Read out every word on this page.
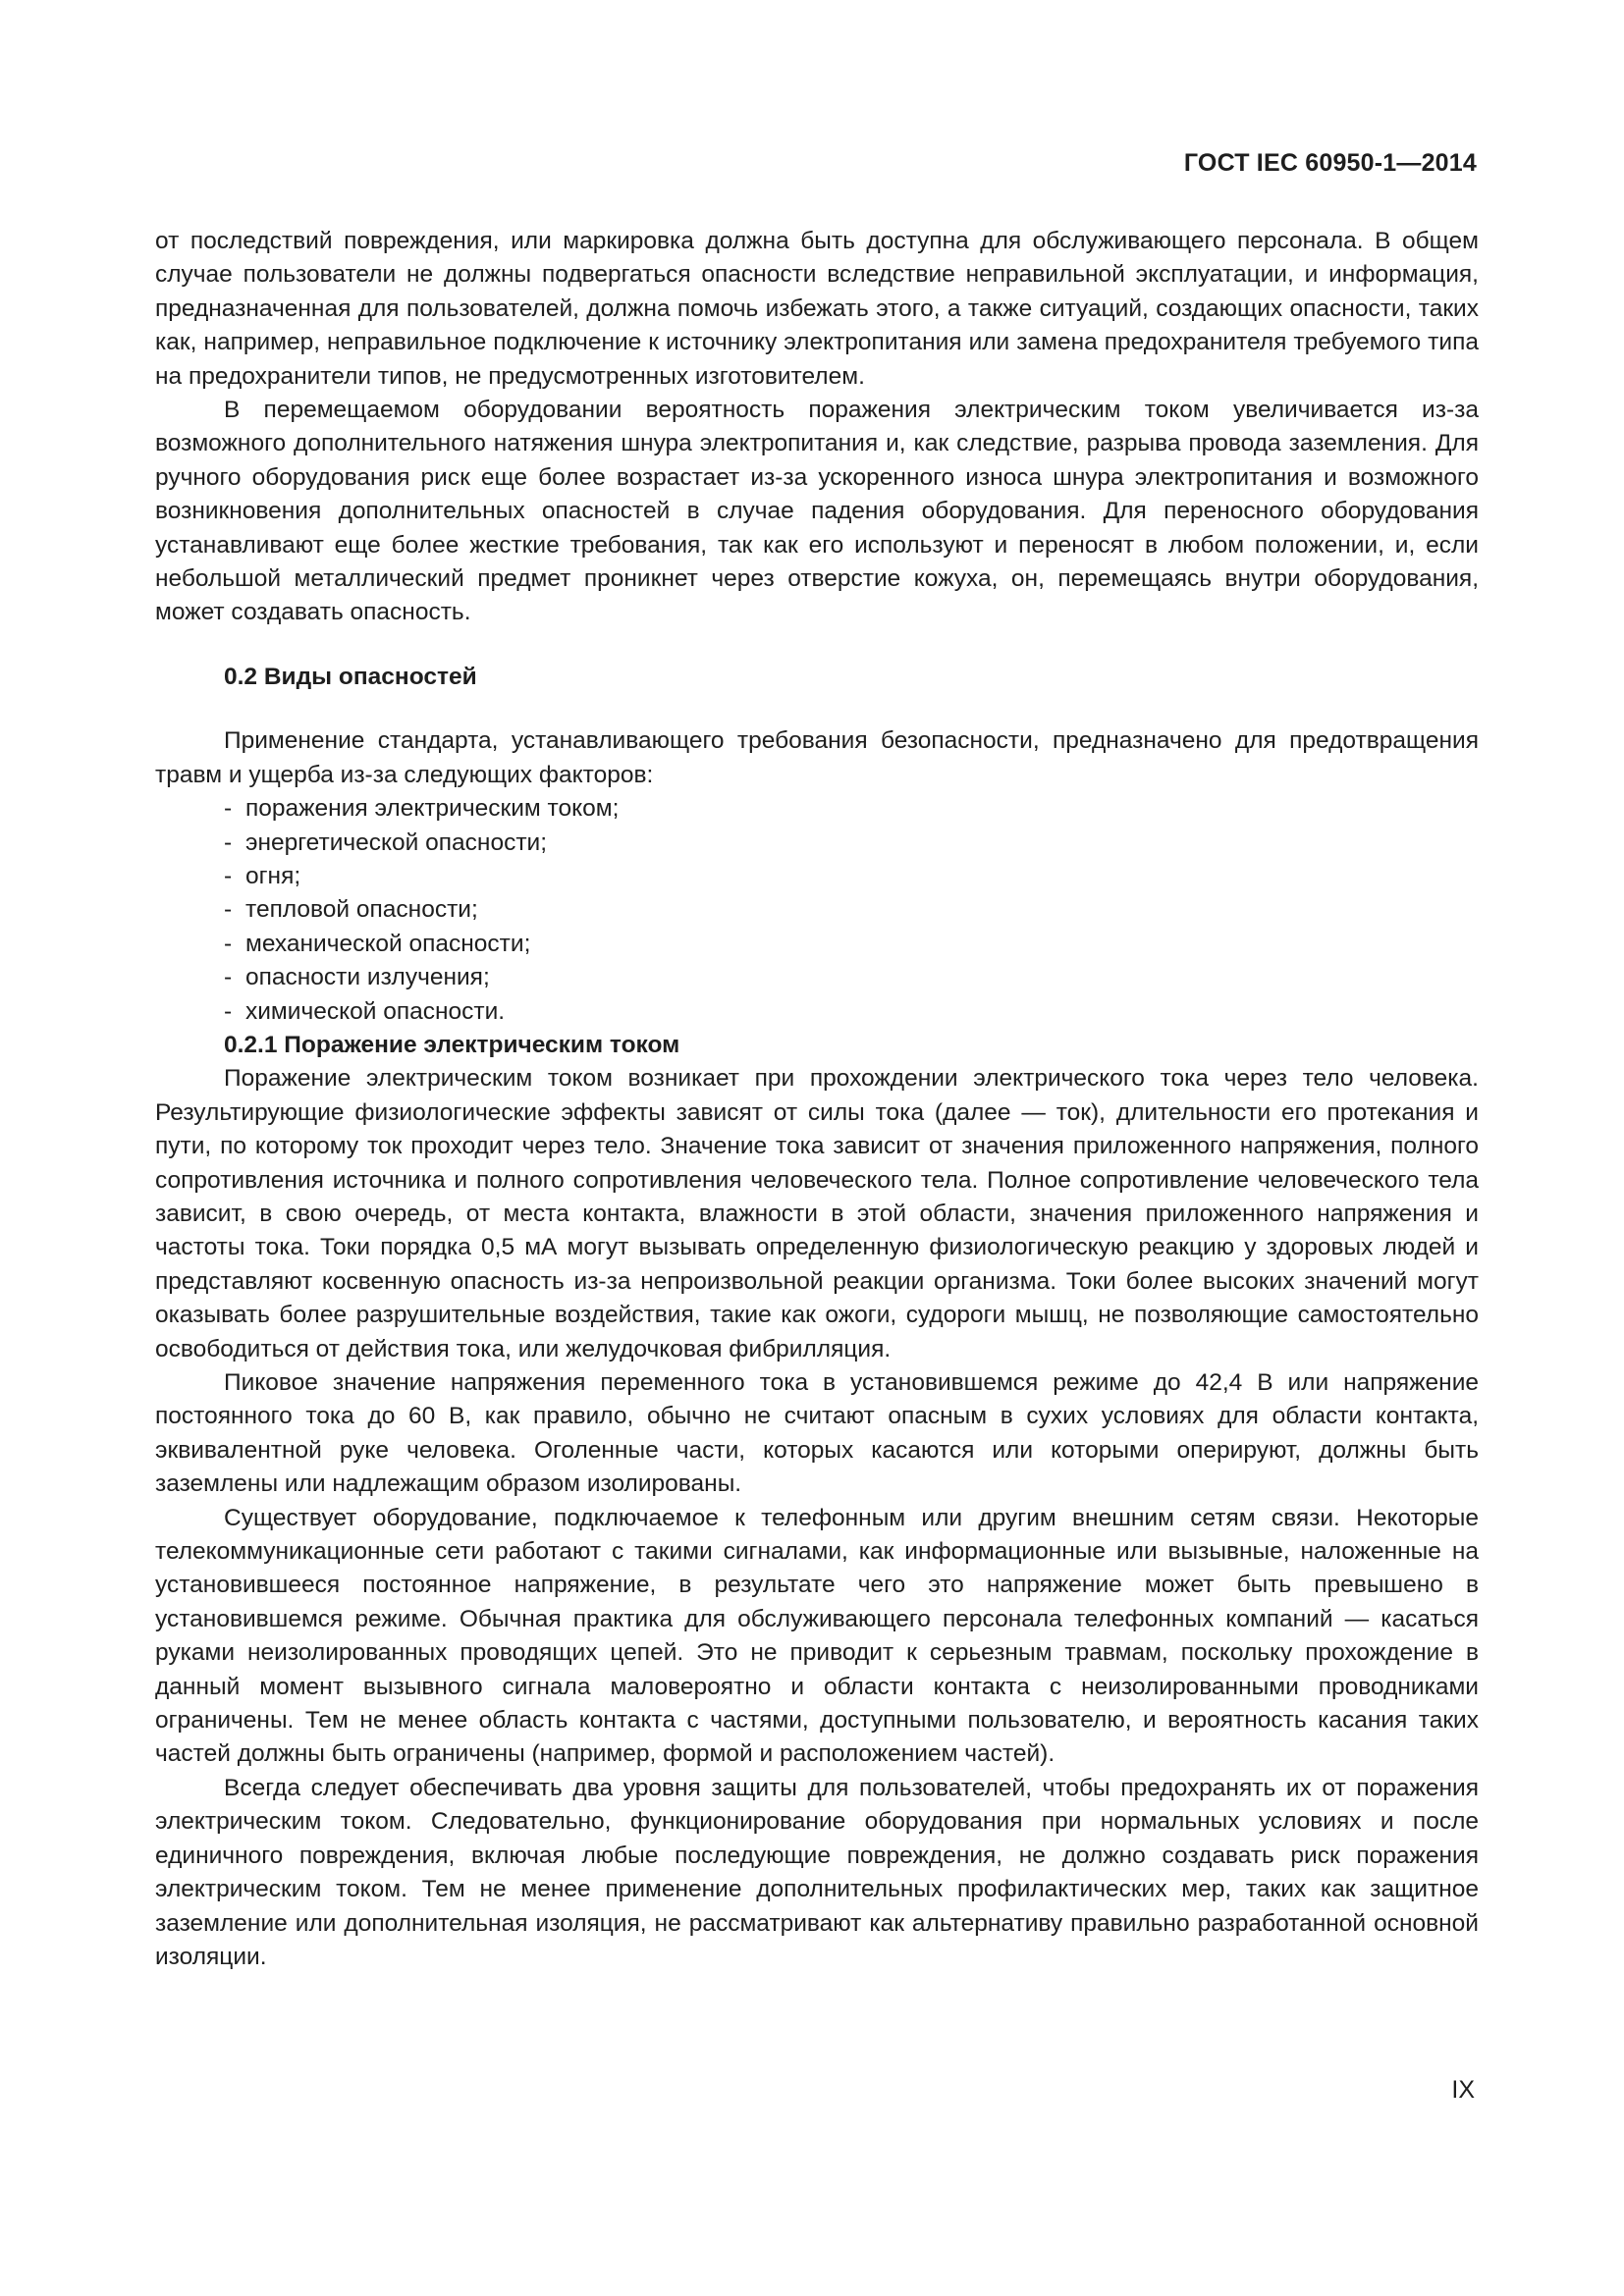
ГОСТ IEC 60950-1—2014

от последствий повреждения, или маркировка должна быть доступна для обслуживающего персонала. В общем случае пользователи не должны подвергаться опасности вследствие неправильной эксплуатации, и информация, предназначенная для пользователей, должна помочь избежать этого, а также ситуаций, создающих опасности, таких как, например, неправильное подключение к источнику электропитания или замена предохранителя требуемого типа на предохранители типов, не предусмотренных изготовителем.

В перемещаемом оборудовании вероятность поражения электрическим током увеличивается из-за возможного дополнительного натяжения шнура электропитания и, как следствие, разрыва провода заземления. Для ручного оборудования риск еще более возрастает из-за ускоренного износа шнура электропитания и возможного возникновения дополнительных опасностей в случае падения оборудования. Для переносного оборудования устанавливают еще более жесткие требования, так как его используют и переносят в любом положении, и, если небольшой металлический предмет проникнет через отверстие кожуха, он, перемещаясь внутри оборудования, может создавать опасность.

0.2 Виды опасностей

Применение стандарта, устанавливающего требования безопасности, предназначено для предотвращения травм и ущерба из-за следующих факторов:

- поражения электрическим током;
- энергетической опасности;
- огня;
- тепловой опасности;
- механической опасности;
- опасности излучения;
- химической опасности.
0.2.1 Поражение электрическим током

Поражение электрическим током возникает при прохождении электрического тока через тело человека. Результирующие физиологические эффекты зависят от силы тока (далее — ток), длительности его протекания и пути, по которому ток проходит через тело. Значение тока зависит от значения приложенного напряжения, полного сопротивления источника и полного сопротивления человеческого тела. Полное сопротивление человеческого тела зависит, в свою очередь, от места контакта, влажности в этой области, значения приложенного напряжения и частоты тока. Токи порядка 0,5 мА могут вызывать определенную физиологическую реакцию у здоровых людей и представляют косвенную опасность из-за непроизвольной реакции организма. Токи более высоких значений могут оказывать более разрушительные воздействия, такие как ожоги, судороги мышц, не позволяющие самостоятельно освободиться от действия тока, или желудочковая фибрилляция.

Пиковое значение напряжения переменного тока в установившемся режиме до 42,4 В или напряжение постоянного тока до 60 В, как правило, обычно не считают опасным в сухих условиях для области контакта, эквивалентной руке человека. Оголенные части, которых касаются или которыми оперируют, должны быть заземлены или надлежащим образом изолированы.

Существует оборудование, подключаемое к телефонным или другим внешним сетям связи. Некоторые телекоммуникационные сети работают с такими сигналами, как информационные или вызывные, наложенные на установившееся постоянное напряжение, в результате чего это напряжение может быть превышено в установившемся режиме. Обычная практика для обслуживающего персонала телефонных компаний — касаться руками неизолированных проводящих цепей. Это не приводит к серьезным травмам, поскольку прохождение в данный момент вызывного сигнала маловероятно и области контакта с неизолированными проводниками ограничены. Тем не менее область контакта с частями, доступными пользователю, и вероятность касания таких частей должны быть ограничены (например, формой и расположением частей).

Всегда следует обеспечивать два уровня защиты для пользователей, чтобы предохранять их от поражения электрическим током. Следовательно, функционирование оборудования при нормальных условиях и после единичного повреждения, включая любые последующие повреждения, не должно создавать риск поражения электрическим током. Тем не менее применение дополнительных профилактических мер, таких как защитное заземление или дополнительная изоляция, не рассматривают как альтернативу правильно разработанной основной изоляции.

IX
